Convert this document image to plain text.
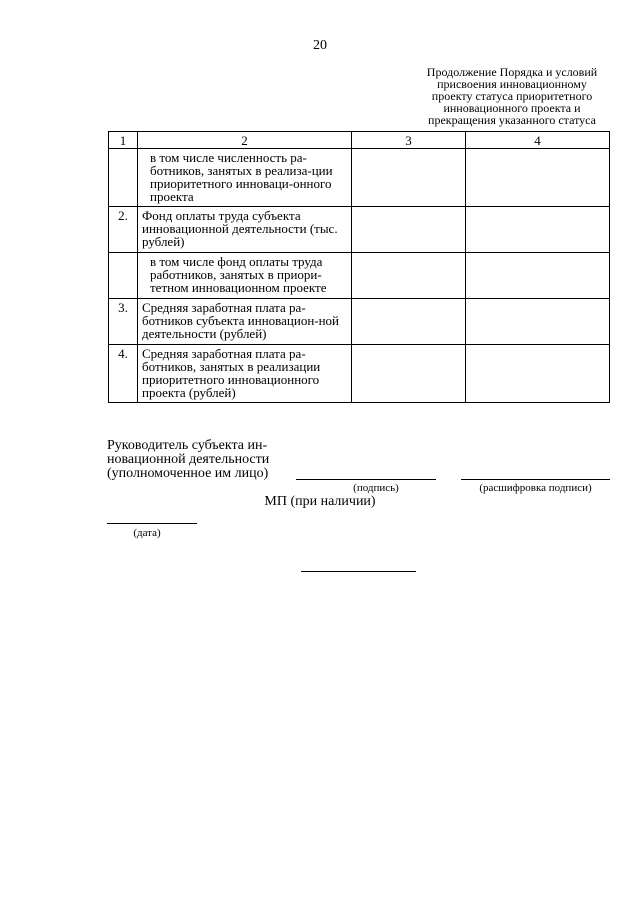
20
Продолжение Порядка и условий
присвоения инновационному
проекту статуса приоритетного
инновационного проекта и
прекращения указанного статуса
1	2	3	4
	в том числе численность ра-ботников, занятых в реализа-ции приоритетного инноваци-онного проекта		
2.	Фонд оплаты труда субъекта инновационной деятельности (тыс. рублей)		
	в том числе фонд оплаты труда работников, занятых в приори-тетном инновационном проекте		
3.	Средняя заработная плата ра-ботников субъекта инновацион-ной деятельности (рублей)		
4.	Средняя заработная плата ра-ботников, занятых в реализации приоритетного инновационного проекта (рублей)		
Руководитель субъекта ин-
новационной деятельности
(уполномоченное им лицо)
(подпись)	(расшифровка подписи)
МП (при наличии)
(дата)
